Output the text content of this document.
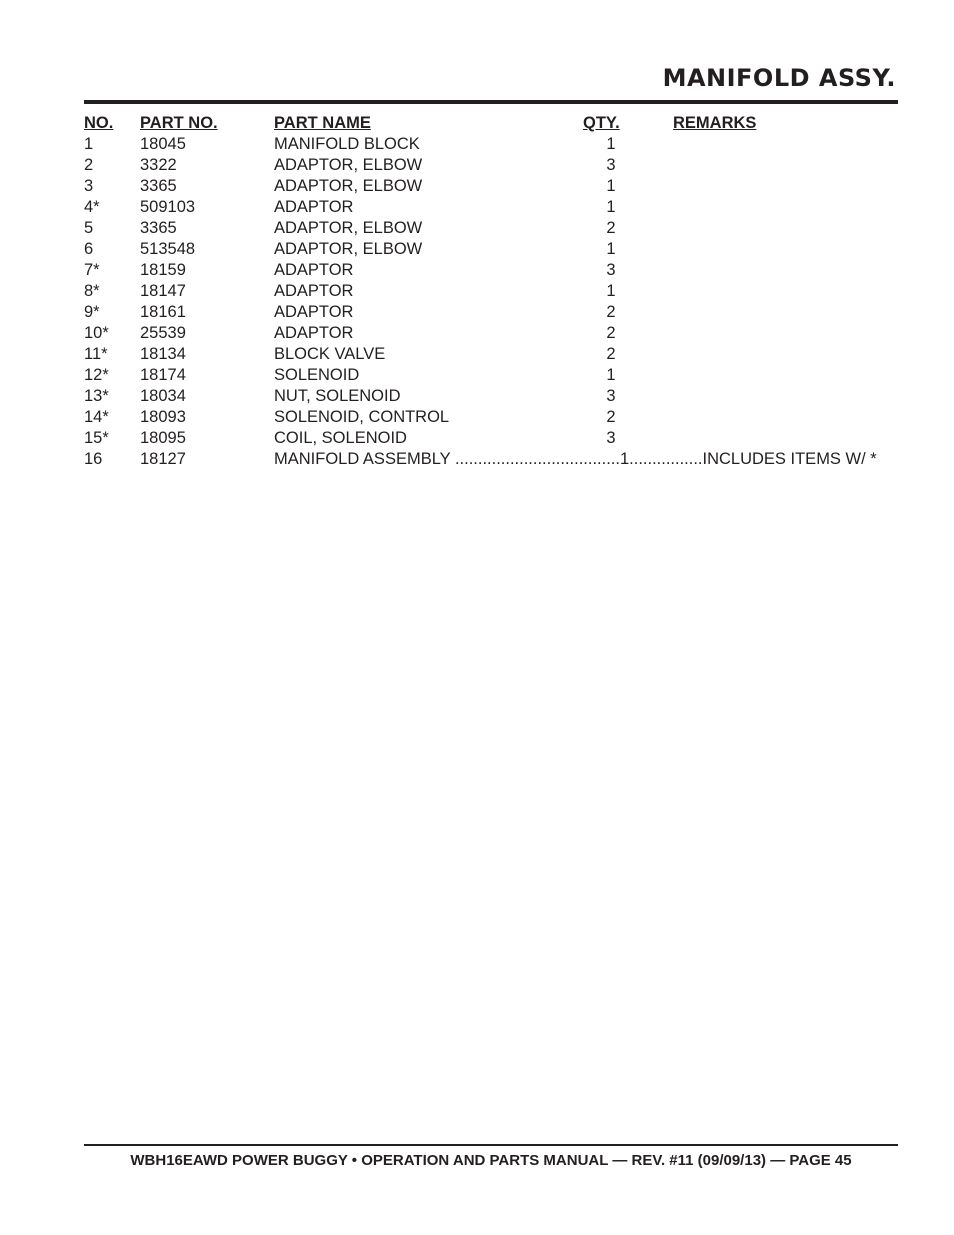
MANIFOLD ASSY.
NO. PART NO.	PART NAME	QTY.	REMARKS
1	18045	MANIFOLD BLOCK	1
2	3322	ADAPTOR, ELBOW	3
3	3365	ADAPTOR, ELBOW	1
4* 509103	ADAPTOR	1
5	3365	ADAPTOR, ELBOW	2
6	513548	ADAPTOR, ELBOW	1
7* 18159	ADAPTOR	3
8* 18147	ADAPTOR	1
9* 18161	ADAPTOR	2
10* 25539	ADAPTOR	2
11* 18134	BLOCK VALVE	2
12* 18174	SOLENOID	1
13* 18034	NUT, SOLENOID	3
14* 18093	SOLENOID, CONTROL	2
15* 18095	COIL, SOLENOID	3
16 18127	MANIFOLD ASSEMBLY ....................................1................INCLUDES ITEMS W/ *
WBH16EAWD POWER BUGGY • OPERATION AND PARTS MANUAL — REV. #11 (09/09/13) — PAGE 45
